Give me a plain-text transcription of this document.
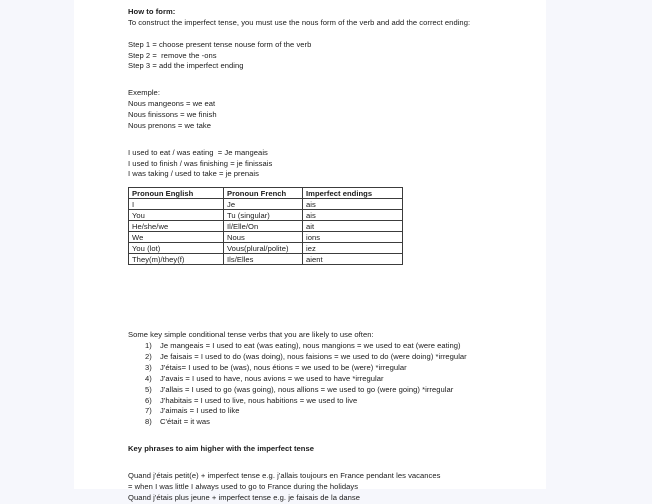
How to form:
To construct the imperfect tense, you must use the nous form of the verb and add the correct ending:
Step 1 = choose present tense nouse form of the verb
Step 2 =  remove the -ons
Step 3 = add the imperfect ending
Exemple:
Nous mangeons = we eat
Nous finissons = we finish
Nous prenons = we take
I used to eat / was eating  = Je mangeais
I used to finish / was finishing = je finissais
I was taking / used to take = je prenais
Pronoun English	Pronoun French	Imperfect endings
I	Je	ais
You	Tu (singular)	ais
He/she/we	Il/Elle/On	ait
We	Nous	ions
You (lot)	Vous(plural/polite)	iez
They(m)/they(f)	Ils/Elles	aient
Some key simple conditional tense verbs that you are likely to use often:
1)	Je mangeais = I used to eat (was eating), nous mangions = we used to eat (were eating)
2)	Je faisais = I used to do (was doing), nous faisions = we used to do (were doing) *irregular
3)	J'étais= I used to be (was), nous étions = we used to be (were) *irregular
4)	J'avais = I used to have, nous avions = we used to have *irregular
5)	J'allais = I used to go (was going), nous allions = we used to go (were going) *irregular
6)	J'habitais = I used to live, nous habitions = we used to live
7)	J'aimais = I used to like
8)	C'était = it was
Key phrases to aim higher with the imperfect tense
Quand j'étais petit(e) + imperfect tense e.g. j'allais toujours en France pendant les vacances
= when I was little I always used to go to France during the holidays
Quand j'étais plus jeune + imperfect tense e.g. je faisais de la danse
